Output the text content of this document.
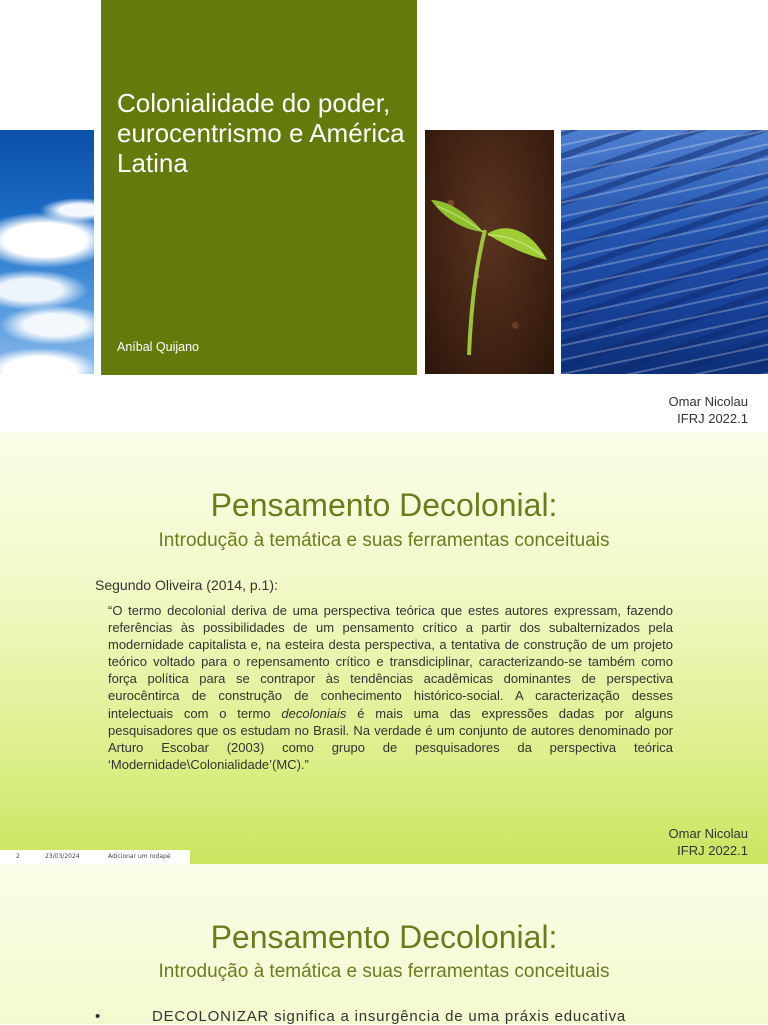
Colonialidade do poder, eurocentrismo e América Latina
Aníbal Quijano
Omar Nicolau
IFRJ 2022.1
Pensamento Decolonial:
Introdução à temática e suas ferramentas conceituais
Segundo Oliveira (2014, p.1):
“O termo decolonial deriva de uma perspectiva teórica que estes autores expressam, fazendo referências às possibilidades de um pensamento crítico a partir dos subalternizados pela modernidade capitalista e, na esteira desta perspectiva, a tentativa de construção de um projeto teórico voltado para o repensamento crítico e transdiciplinar, caracterizando-se também como força política para se contrapor às tendências acadêmicas dominantes de perspectiva eurocêntirca de construção de conhecimento histórico-social. A caracterização desses intelectuais com o termo decoloniais é mais uma das expressões dadas por alguns pesquisadores que os estudam no Brasil. Na verdade é um conjunto de autores denominado por Arturo Escobar (2003) como grupo de pesquisadores da perspectiva teórica ‘Modernidade\Colonialidade’(MC).”
Omar Nicolau
IFRJ 2022.1
2	23/03/2024	Adicionar um rodapé
Pensamento Decolonial:
Introdução à temática e suas ferramentas conceituais
•	DECOLONIZAR significa a insurgência de uma práxis educativa
